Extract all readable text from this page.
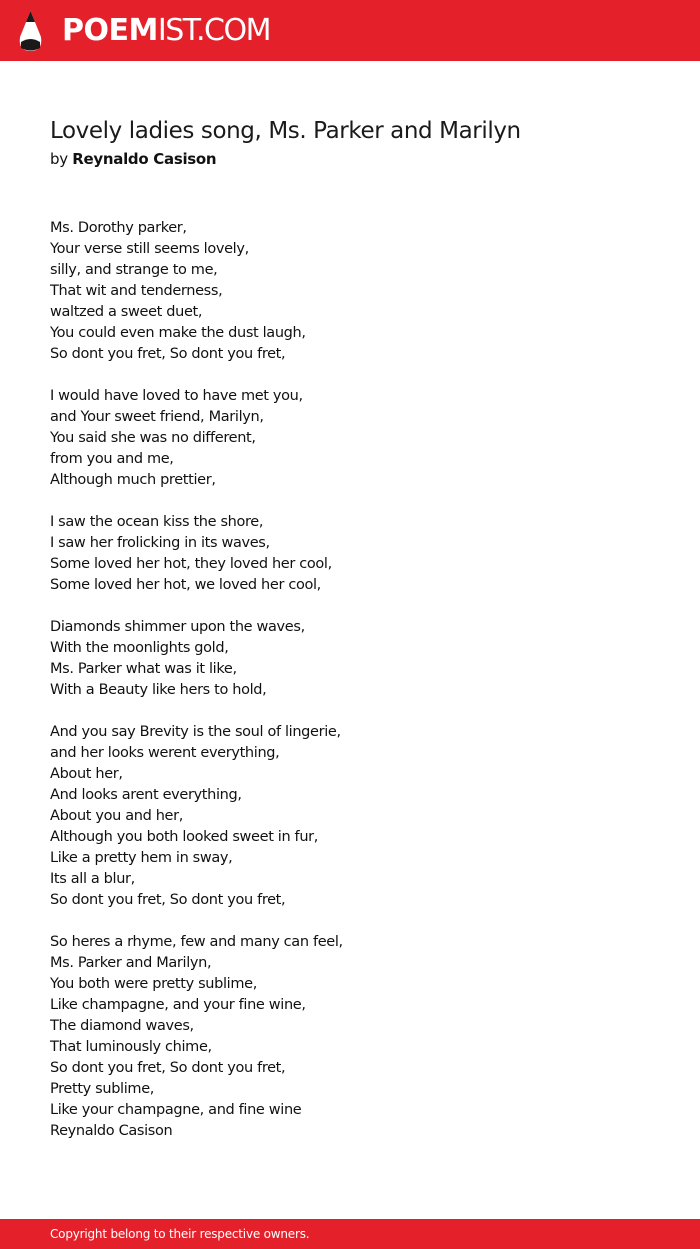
POEMIST.COM
Lovely ladies song, Ms. Parker and Marilyn
by Reynaldo Casison
Ms. Dorothy parker,
Your verse still seems lovely,
silly, and strange to me,
That wit and tenderness,
waltzed a sweet duet,
You could even make the dust laugh,
So dont you fret, So dont you fret,
I would have loved to have met you,
and Your sweet friend, Marilyn,
You said she was no different,
from you and me,
Although much prettier,
I saw the ocean kiss the shore,
I saw her frolicking in its waves,
Some loved her hot, they loved her cool,
Some loved her hot, we loved her cool,
Diamonds shimmer upon the waves,
With the moonlights gold,
Ms. Parker what was it like,
With a Beauty like hers to hold,
And you say Brevity is the soul of lingerie,
and her looks werent everything,
About her,
And looks arent everything,
About you and her,
Although you both looked sweet in fur,
Like a pretty hem in sway,
Its all a blur,
So dont you fret, So dont you fret,
So heres a rhyme, few and many can feel,
Ms. Parker and Marilyn,
You both were pretty sublime,
Like champagne, and your fine wine,
The diamond waves,
That luminously chime,
So dont you fret, So dont you fret,
Pretty sublime,
Like your champagne, and fine wine
Reynaldo Casison
Copyright belong to their respective owners.
